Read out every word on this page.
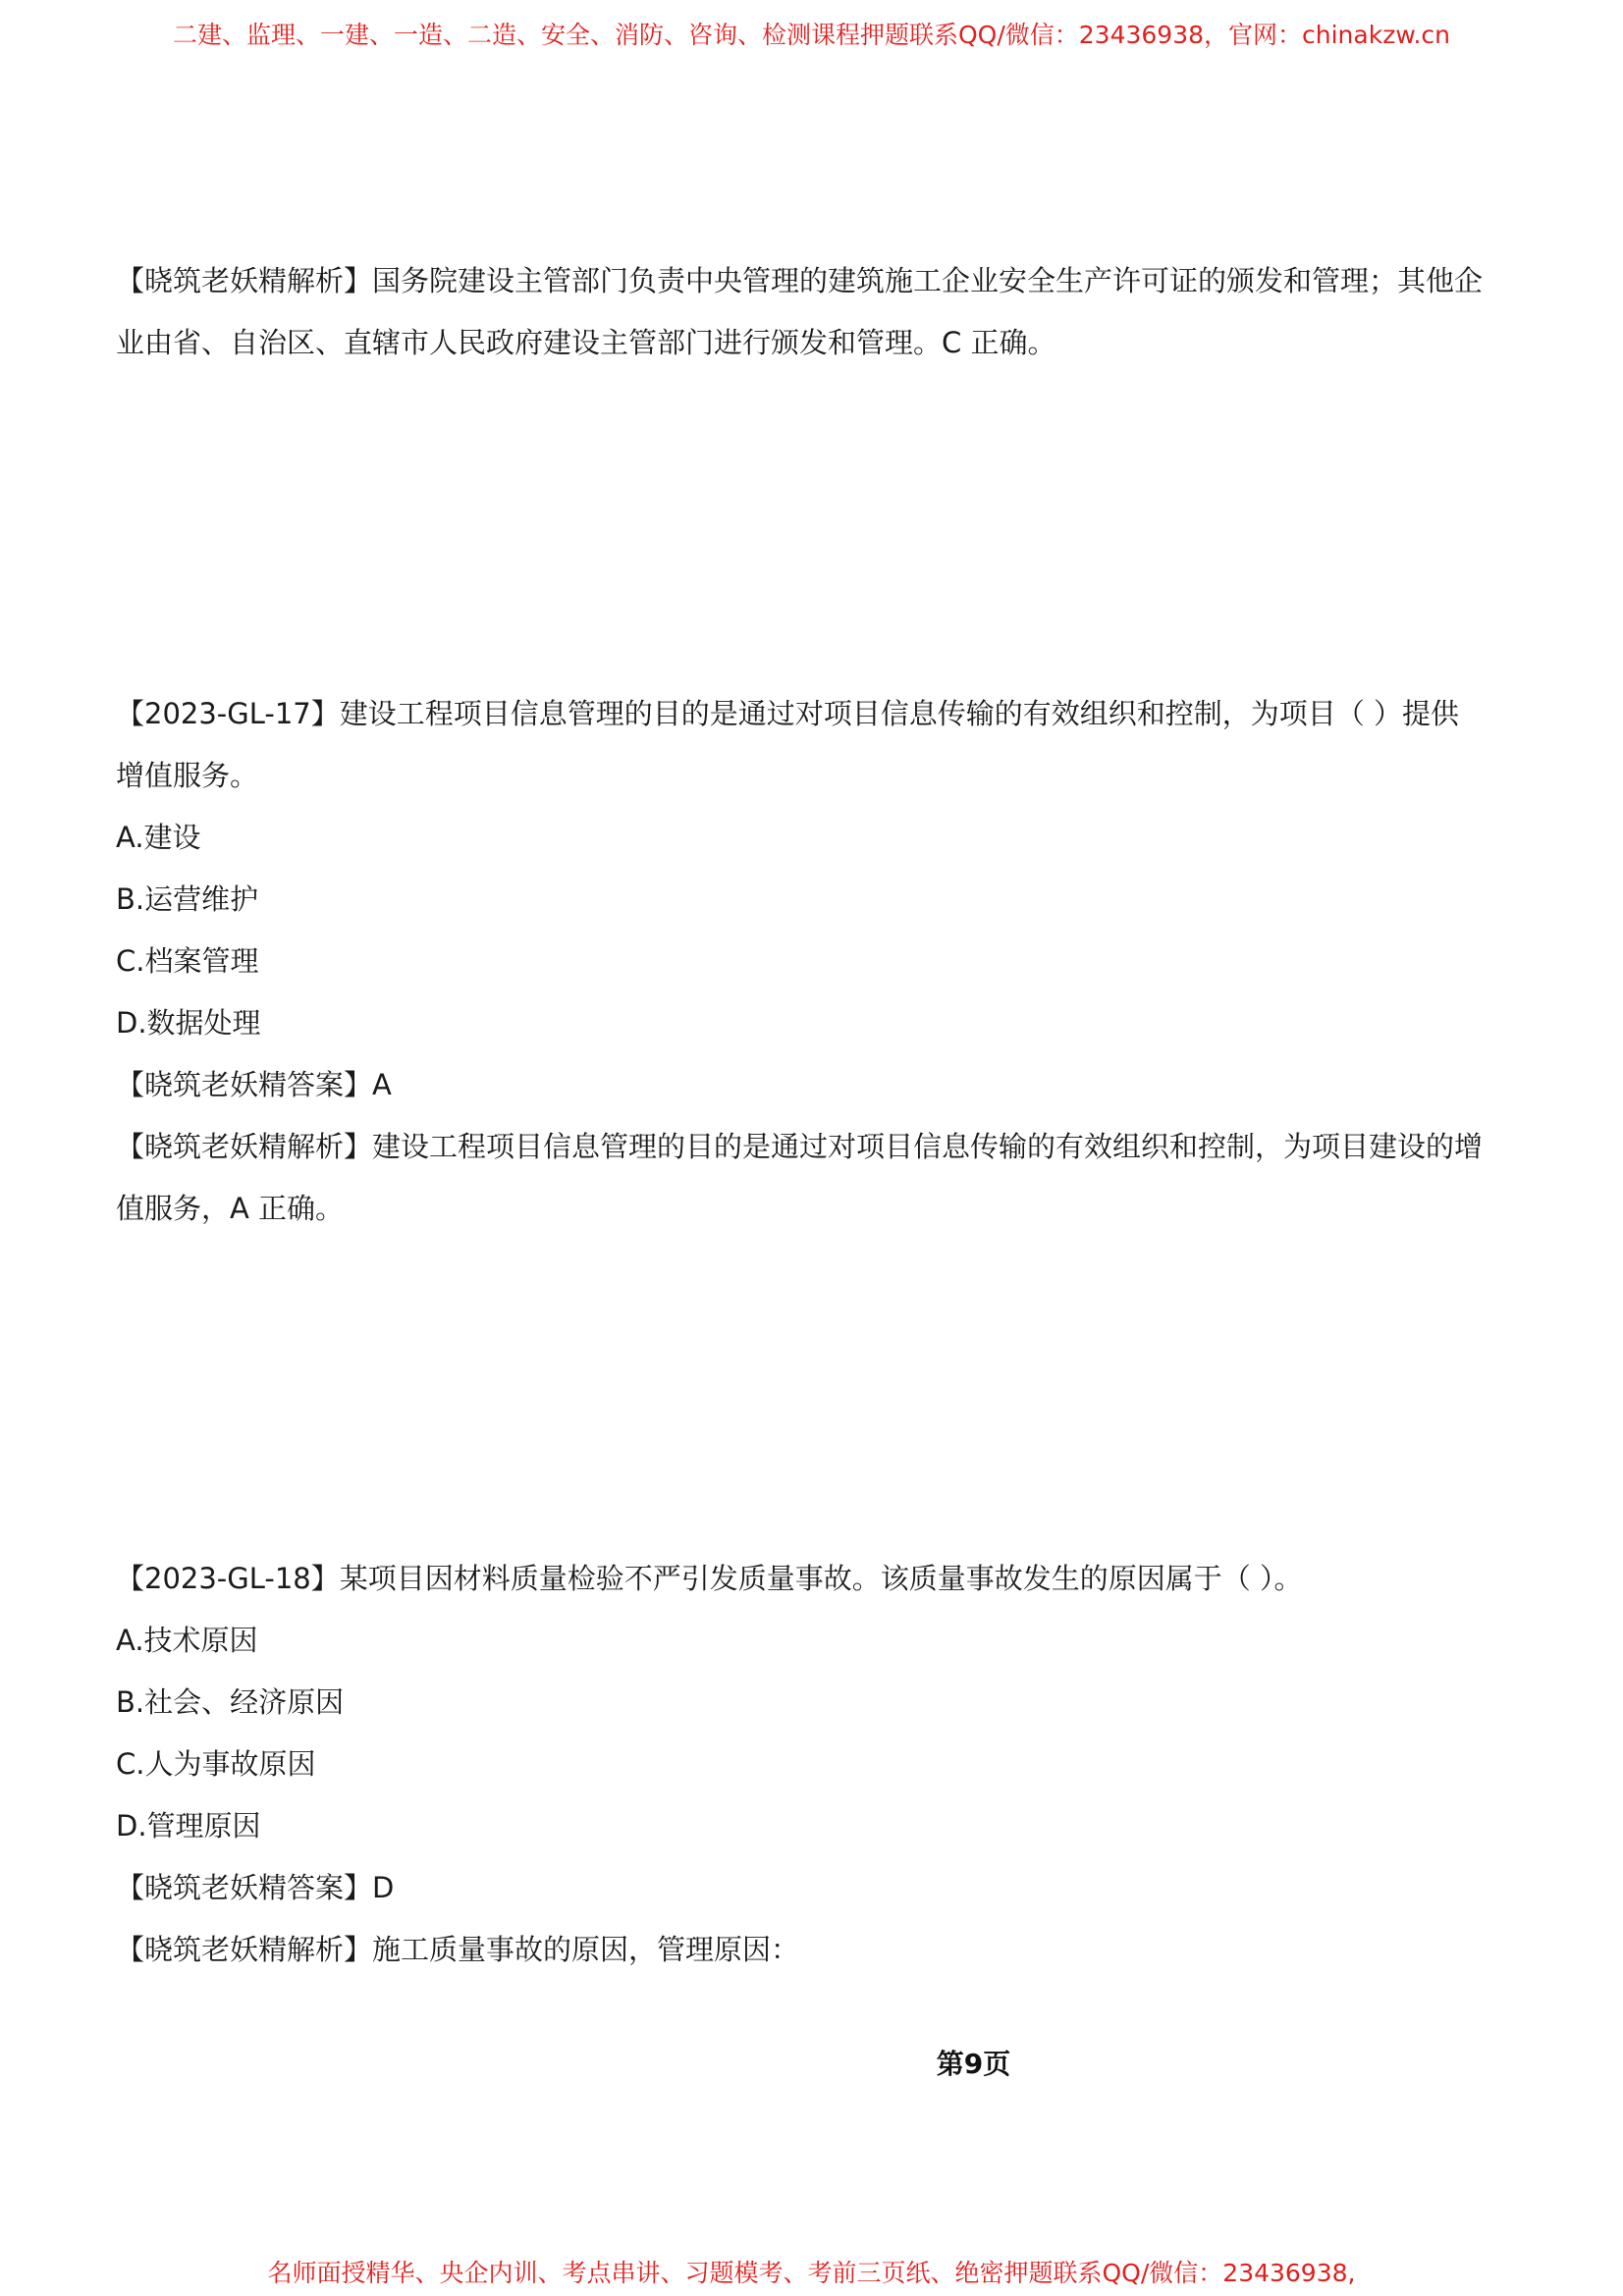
二建、监理、一建、一造、二造、安全、消防、咨询、检测课程押题联系QQ/微信：23436938，官网：chinakzw.cn
【晓筑老妖精解析】国务院建设主管部门负责中央管理的建筑施工企业安全生产许可证的颁发和管理；其他企
业由省、自治区、直辖市人民政府建设主管部门进行颁发和管理。C 正确。
【2023-GL-17】建设工程项目信息管理的目的是通过对项目信息传输的有效组织和控制，为项目（ ）提供
增值服务。
A.建设
B.运营维护
C.档案管理
D.数据处理
【晓筑老妖精答案】A
【晓筑老妖精解析】建设工程项目信息管理的目的是通过对项目信息传输的有效组织和控制，为项目建设的增
值服务，A 正确。
【2023-GL-18】某项目因材料质量检验不严引发质量事故。该质量事故发生的原因属于（ ）。
A.技术原因
B.社会、经济原因
C.人为事故原因
D.管理原因
【晓筑老妖精答案】D
【晓筑老妖精解析】施工质量事故的原因，管理原因：
第9页
名师面授精华、央企内训、考点串讲、习题模考、考前三页纸、绝密押题联系QQ/微信：23436938,
